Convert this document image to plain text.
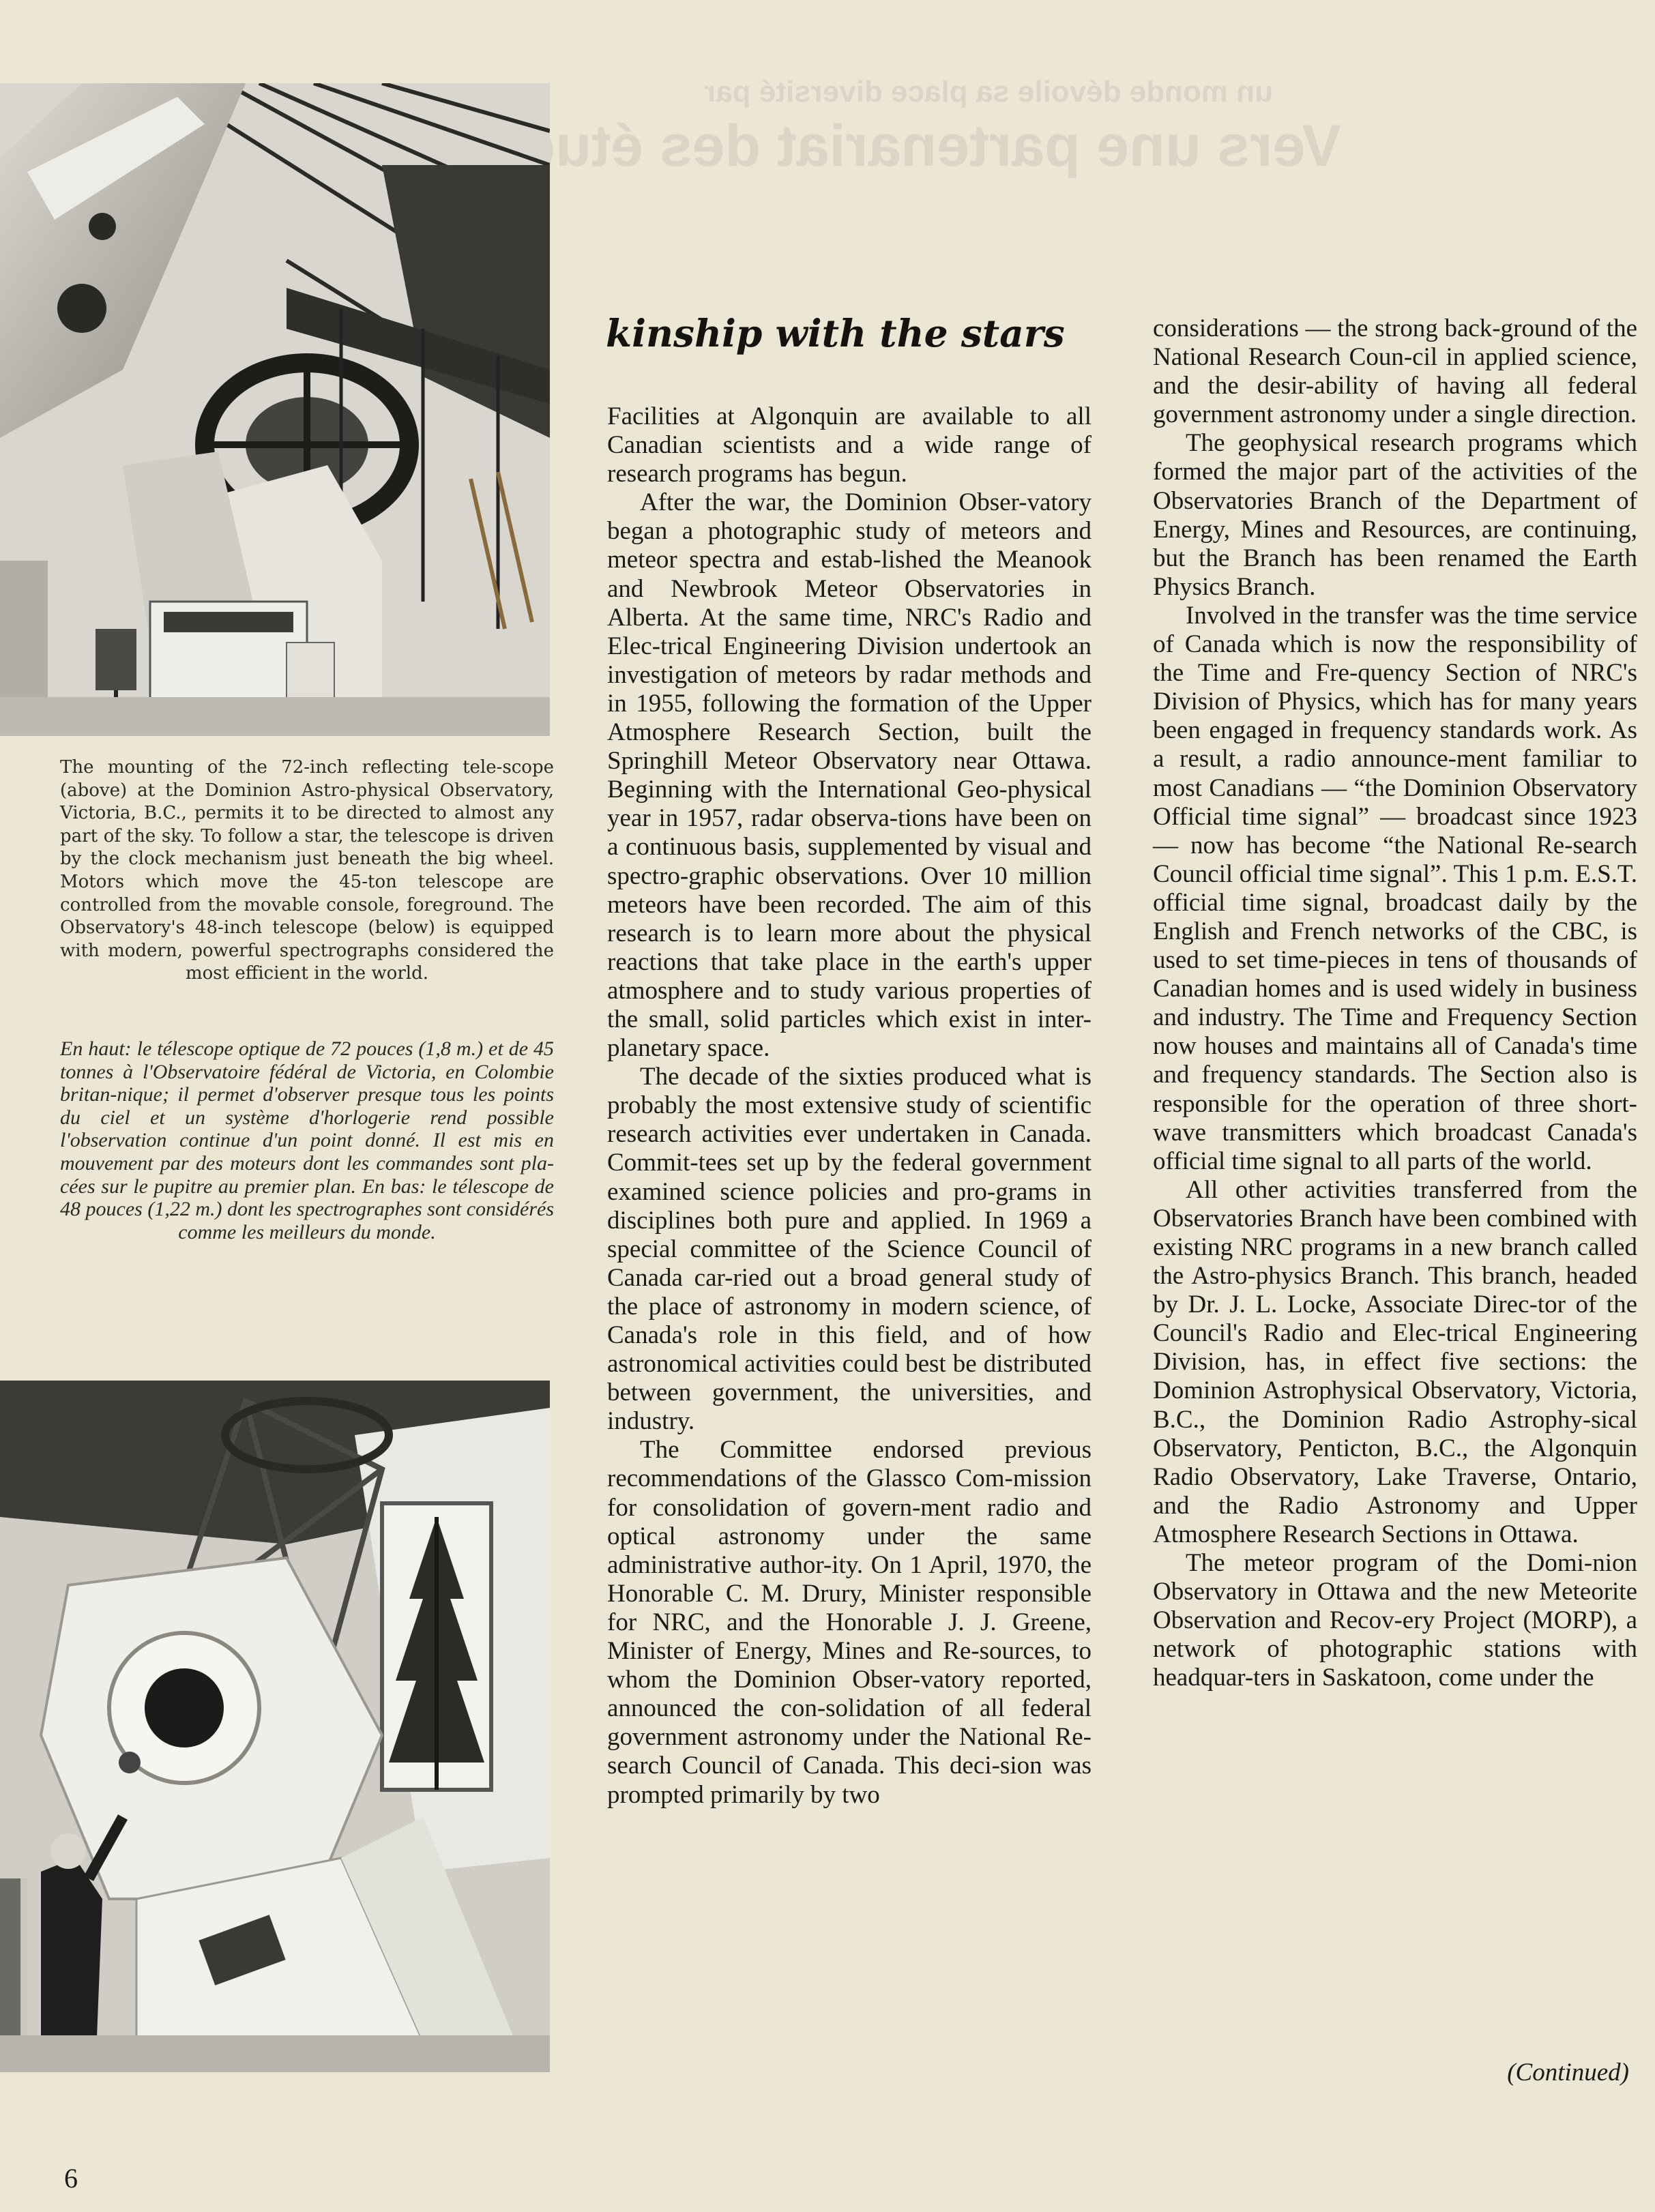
un monde dévoile sa place diversité par
Vers une partenariat des études

The mounting of the 72-inch reflecting tele-scope (above) at the Dominion Astro-physical Observatory, Victoria, B.C., permits it to be directed to almost any part of the sky. To follow a star, the telescope is driven by the clock mechanism just beneath the big wheel. Motors which move the 45-ton telescope are controlled from the movable console, foreground. The Observatory's 48-inch telescope (below) is equipped with modern, powerful spectrographs considered the most efficient in the world.

En haut: le télescope optique de 72 pouces (1,8 m.) et de 45 tonnes à l'Observatoire fédéral de Victoria, en Colombie britan-nique; il permet d'observer presque tous les points du ciel et un système d'horlogerie rend possible l'observation continue d'un point donné. Il est mis en mouvement par des moteurs dont les commandes sont pla-cées sur le pupitre au premier plan. En bas: le télescope de 48 pouces (1,22 m.) dont les spectrographes sont considérés comme les meilleurs du monde.

kinship with the stars

Facilities at Algonquin are available to all Canadian scientists and a wide range of research programs has begun.

After the war, the Dominion Obser-vatory began a photographic study of meteors and meteor spectra and estab-lished the Meanook and Newbrook Meteor Observatories in Alberta. At the same time, NRC's Radio and Elec-trical Engineering Division undertook an investigation of meteors by radar methods and in 1955, following the formation of the Upper Atmosphere Research Section, built the Springhill Meteor Observatory near Ottawa. Beginning with the International Geo-physical year in 1957, radar observa-tions have been on a continuous basis, supplemented by visual and spectro-graphic observations. Over 10 million meteors have been recorded. The aim of this research is to learn more about the physical reactions that take place in the earth's upper atmosphere and to study various properties of the small, solid particles which exist in inter-planetary space.

The decade of the sixties produced what is probably the most extensive study of scientific research activities ever undertaken in Canada. Commit-tees set up by the federal government examined science policies and pro-grams in disciplines both pure and applied. In 1969 a special committee of the Science Council of Canada car-ried out a broad general study of the place of astronomy in modern science, of Canada's role in this field, and of how astronomical activities could best be distributed between government, the universities, and industry.

The Committee endorsed previous recommendations of the Glassco Com-mission for consolidation of govern-ment radio and optical astronomy under the same administrative author-ity. On 1 April, 1970, the Honorable C. M. Drury, Minister responsible for NRC, and the Honorable J. J. Greene, Minister of Energy, Mines and Re-sources, to whom the Dominion Obser-vatory reported, announced the con-solidation of all federal government astronomy under the National Re-search Council of Canada. This deci-sion was prompted primarily by two

considerations — the strong back-ground of the National Research Coun-cil in applied science, and the desir-ability of having all federal government astronomy under a single direction.

The geophysical research programs which formed the major part of the activities of the Observatories Branch of the Department of Energy, Mines and Resources, are continuing, but the Branch has been renamed the Earth Physics Branch.

Involved in the transfer was the time service of Canada which is now the responsibility of the Time and Fre-quency Section of NRC's Division of Physics, which has for many years been engaged in frequency standards work. As a result, a radio announce-ment familiar to most Canadians — “the Dominion Observatory Official time signal” — broadcast since 1923 — now has become “the National Re-search Council official time signal”. This 1 p.m. E.S.T. official time signal, broadcast daily by the English and French networks of the CBC, is used to set time-pieces in tens of thousands of Canadian homes and is used widely in business and industry. The Time and Frequency Section now houses and maintains all of Canada's time and frequency standards. The Section also is responsible for the operation of three short-wave transmitters which broadcast Canada's official time signal to all parts of the world.

All other activities transferred from the Observatories Branch have been combined with existing NRC programs in a new branch called the Astro-physics Branch. This branch, headed by Dr. J. L. Locke, Associate Direc-tor of the Council's Radio and Elec-trical Engineering Division, has, in effect five sections: the Dominion Astrophysical Observatory, Victoria, B.C., the Dominion Radio Astrophy-sical Observatory, Penticton, B.C., the Algonquin Radio Observatory, Lake Traverse, Ontario, and the Radio Astronomy and Upper Atmosphere Research Sections in Ottawa.

The meteor program of the Domi-nion Observatory in Ottawa and the new Meteorite Observation and Recov-ery Project (MORP), a network of photographic stations with headquar-ters in Saskatoon, come under the

(Continued)

6
